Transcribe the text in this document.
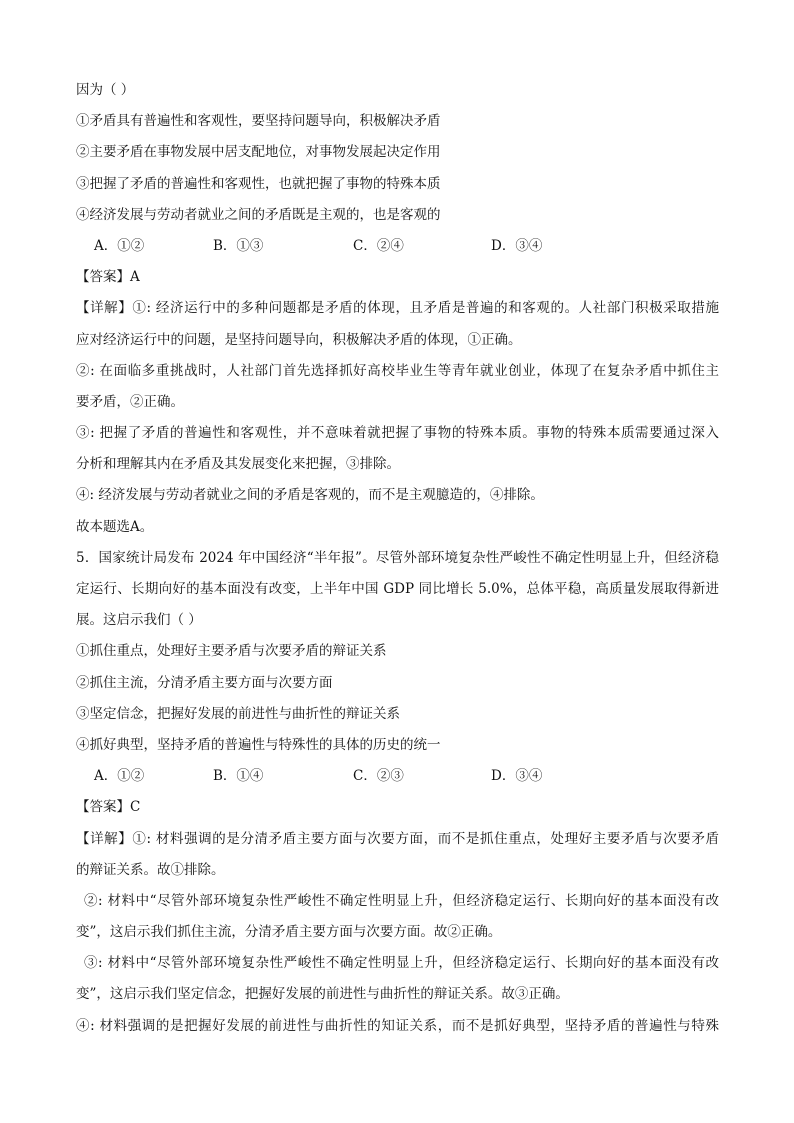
因为（ ）
①矛盾具有普遍性和客观性，要坚持问题导向，积极解决矛盾
②主要矛盾在事物发展中居支配地位，对事物发展起决定作用
③把握了矛盾的普遍性和客观性，也就把握了事物的特殊本质
④经济发展与劳动者就业之间的矛盾既是主观的，也是客观的
A．①②	B．①③	C．②④	D．③④
【答案】A
【详解】①: 经济运行中的多种问题都是矛盾的体现，且矛盾是普遍的和客观的。人社部门积极采取措施
应对经济运行中的问题，是坚持问题导向，积极解决矛盾的体现，①正确。
②: 在面临多重挑战时，人社部门首先选择抓好高校毕业生等青年就业创业，体现了在复杂矛盾中抓住主
要矛盾，②正确。
③: 把握了矛盾的普遍性和客观性，并不意味着就把握了事物的特殊本质。事物的特殊本质需要通过深入
分析和理解其内在矛盾及其发展变化来把握，③排除。
④: 经济发展与劳动者就业之间的矛盾是客观的，而不是主观臆造的，④排除。
故本题选A。
5．国家统计局发布 2024 年中国经济“半年报”。尽管外部环境复杂性严峻性不确定性明显上升，但经济稳
定运行、长期向好的基本面没有改变，上半年中国 GDP 同比增长 5.0%，总体平稳，高质量发展取得新进
展。这启示我们（ ）
①抓住重点，处理好主要矛盾与次要矛盾的辩证关系
②抓住主流，分清矛盾主要方面与次要方面
③坚定信念，把握好发展的前进性与曲折性的辩证关系
④抓好典型，坚持矛盾的普遍性与特殊性的具体的历史的统一
A．①②	B．①④	C．②③	D．③④
【答案】C
【详解】①: 材料强调的是分清矛盾主要方面与次要方面，而不是抓住重点，处理好主要矛盾与次要矛盾
的辩证关系。故①排除。
②: 材料中“尽管外部环境复杂性严峻性不确定性明显上升，但经济稳定运行、长期向好的基本面没有改
变”，这启示我们抓住主流，分清矛盾主要方面与次要方面。故②正确。
③: 材料中“尽管外部环境复杂性严峻性不确定性明显上升，但经济稳定运行、长期向好的基本面没有改
变”，这启示我们坚定信念，把握好发展的前进性与曲折性的辩证关系。故③正确。
④: 材料强调的是把握好发展的前进性与曲折性的知证关系，而不是抓好典型，坚持矛盾的普遍性与特殊
